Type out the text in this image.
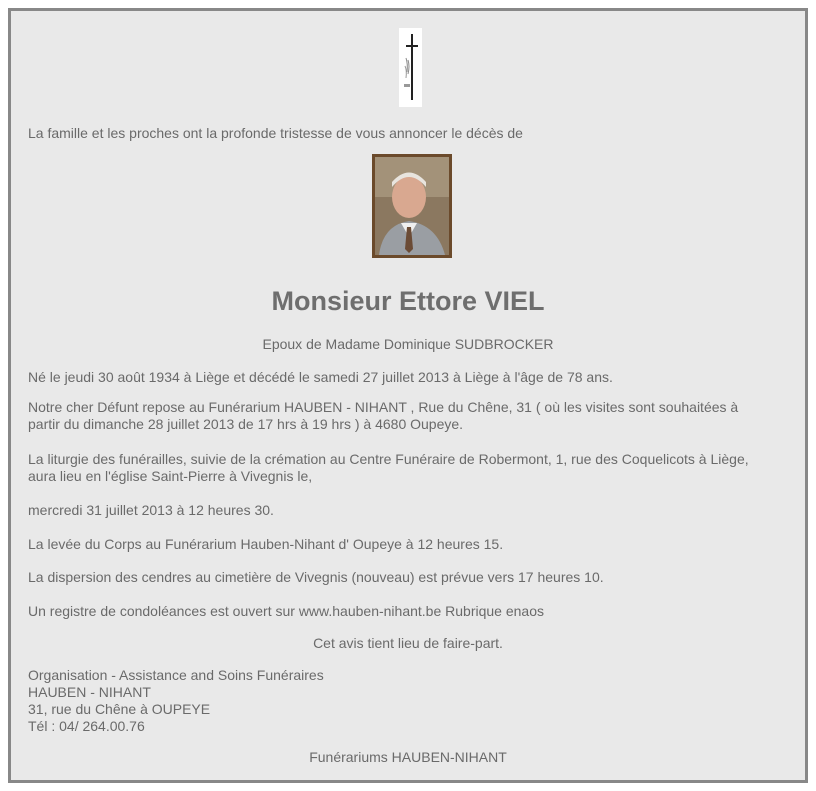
La famille et les proches ont la profonde tristesse de vous annoncer le décès de

Monsieur Ettore VIEL

Epoux de Madame Dominique SUDBROCKER

Né le jeudi 30 août 1934 à Liège et décédé le samedi 27 juillet 2013 à Liège à l'âge de 78 ans.

Notre cher Défunt repose au Funérarium HAUBEN - NIHANT , Rue du Chêne, 31 ( où les visites sont souhaitées à

partir du dimanche 28 juillet 2013 de 17 hrs à 19 hrs ) à 4680 Oupeye.

La liturgie des funérailles, suivie de la crémation au Centre Funéraire de Robermont, 1, rue des Coquelicots à Liège,

aura lieu en l'église Saint-Pierre à Vivegnis le,

mercredi 31 juillet 2013 à 12 heures 30.

La levée du Corps au Funérarium Hauben-Nihant d' Oupeye à 12 heures 15.

La dispersion des cendres au cimetière de Vivegnis (nouveau) est prévue vers 17 heures 10.

Un registre de condoléances est ouvert sur www.hauben-nihant.be Rubrique enaos

Cet avis tient lieu de faire-part.

Organisation - Assistance and Soins Funéraires

HAUBEN - NIHANT

31, rue du Chêne à OUPEYE

Tél : 04/ 264.00.76

Funérariums HAUBEN-NIHANT
